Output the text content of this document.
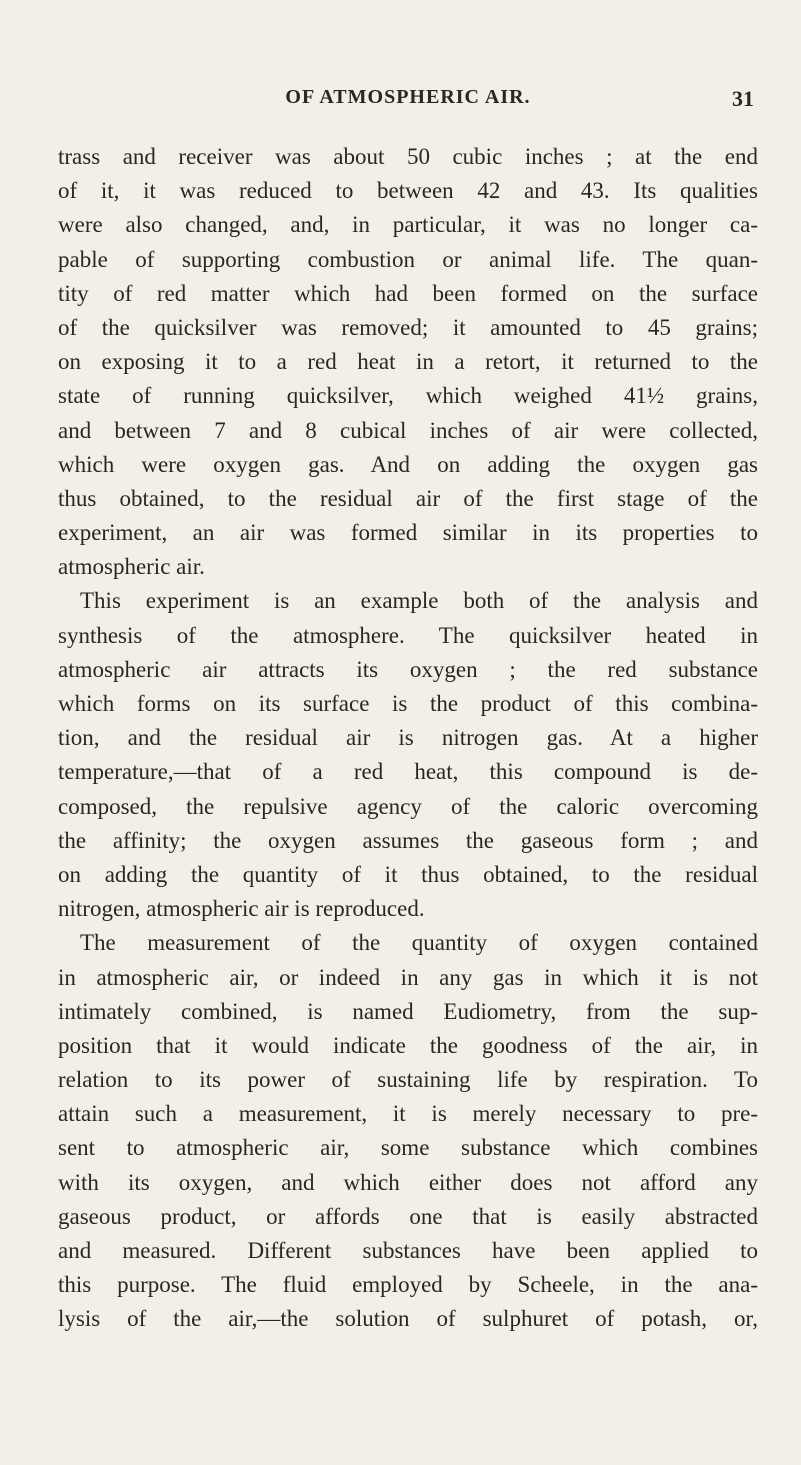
OF ATMOSPHERIC AIR.	31
trass and receiver was about 50 cubic inches ; at the end
of it, it was reduced to between 42 and 43. Its qualities
were also changed, and, in particular, it was no longer ca-
pable of supporting combustion or animal life. The quan-
tity of red matter which had been formed on the surface
of the quicksilver was removed; it amounted to 45 grains;
on exposing it to a red heat in a retort, it returned to the
state of running quicksilver, which weighed 41½ grains,
and between 7 and 8 cubical inches of air were collected,
which were oxygen gas. And on adding the oxygen gas
thus obtained, to the residual air of the first stage of the
experiment, an air was formed similar in its properties to
atmospheric air.
This experiment is an example both of the analysis and
synthesis of the atmosphere. The quicksilver heated in
atmospheric air attracts its oxygen ; the red substance
which forms on its surface is the product of this combina-
tion, and the residual air is nitrogen gas. At a higher
temperature,—that of a red heat, this compound is de-
composed, the repulsive agency of the caloric overcoming
the affinity; the oxygen assumes the gaseous form ; and
on adding the quantity of it thus obtained, to the residual
nitrogen, atmospheric air is reproduced.
The measurement of the quantity of oxygen contained
in atmospheric air, or indeed in any gas in which it is not
intimately combined, is named Eudiometry, from the sup-
position that it would indicate the goodness of the air, in
relation to its power of sustaining life by respiration. To
attain such a measurement, it is merely necessary to pre-
sent to atmospheric air, some substance which combines
with its oxygen, and which either does not afford any
gaseous product, or affords one that is easily abstracted
and measured. Different substances have been applied to
this purpose. The fluid employed by Scheele, in the ana-
lysis of the air,—the solution of sulphuret of potash, or,
